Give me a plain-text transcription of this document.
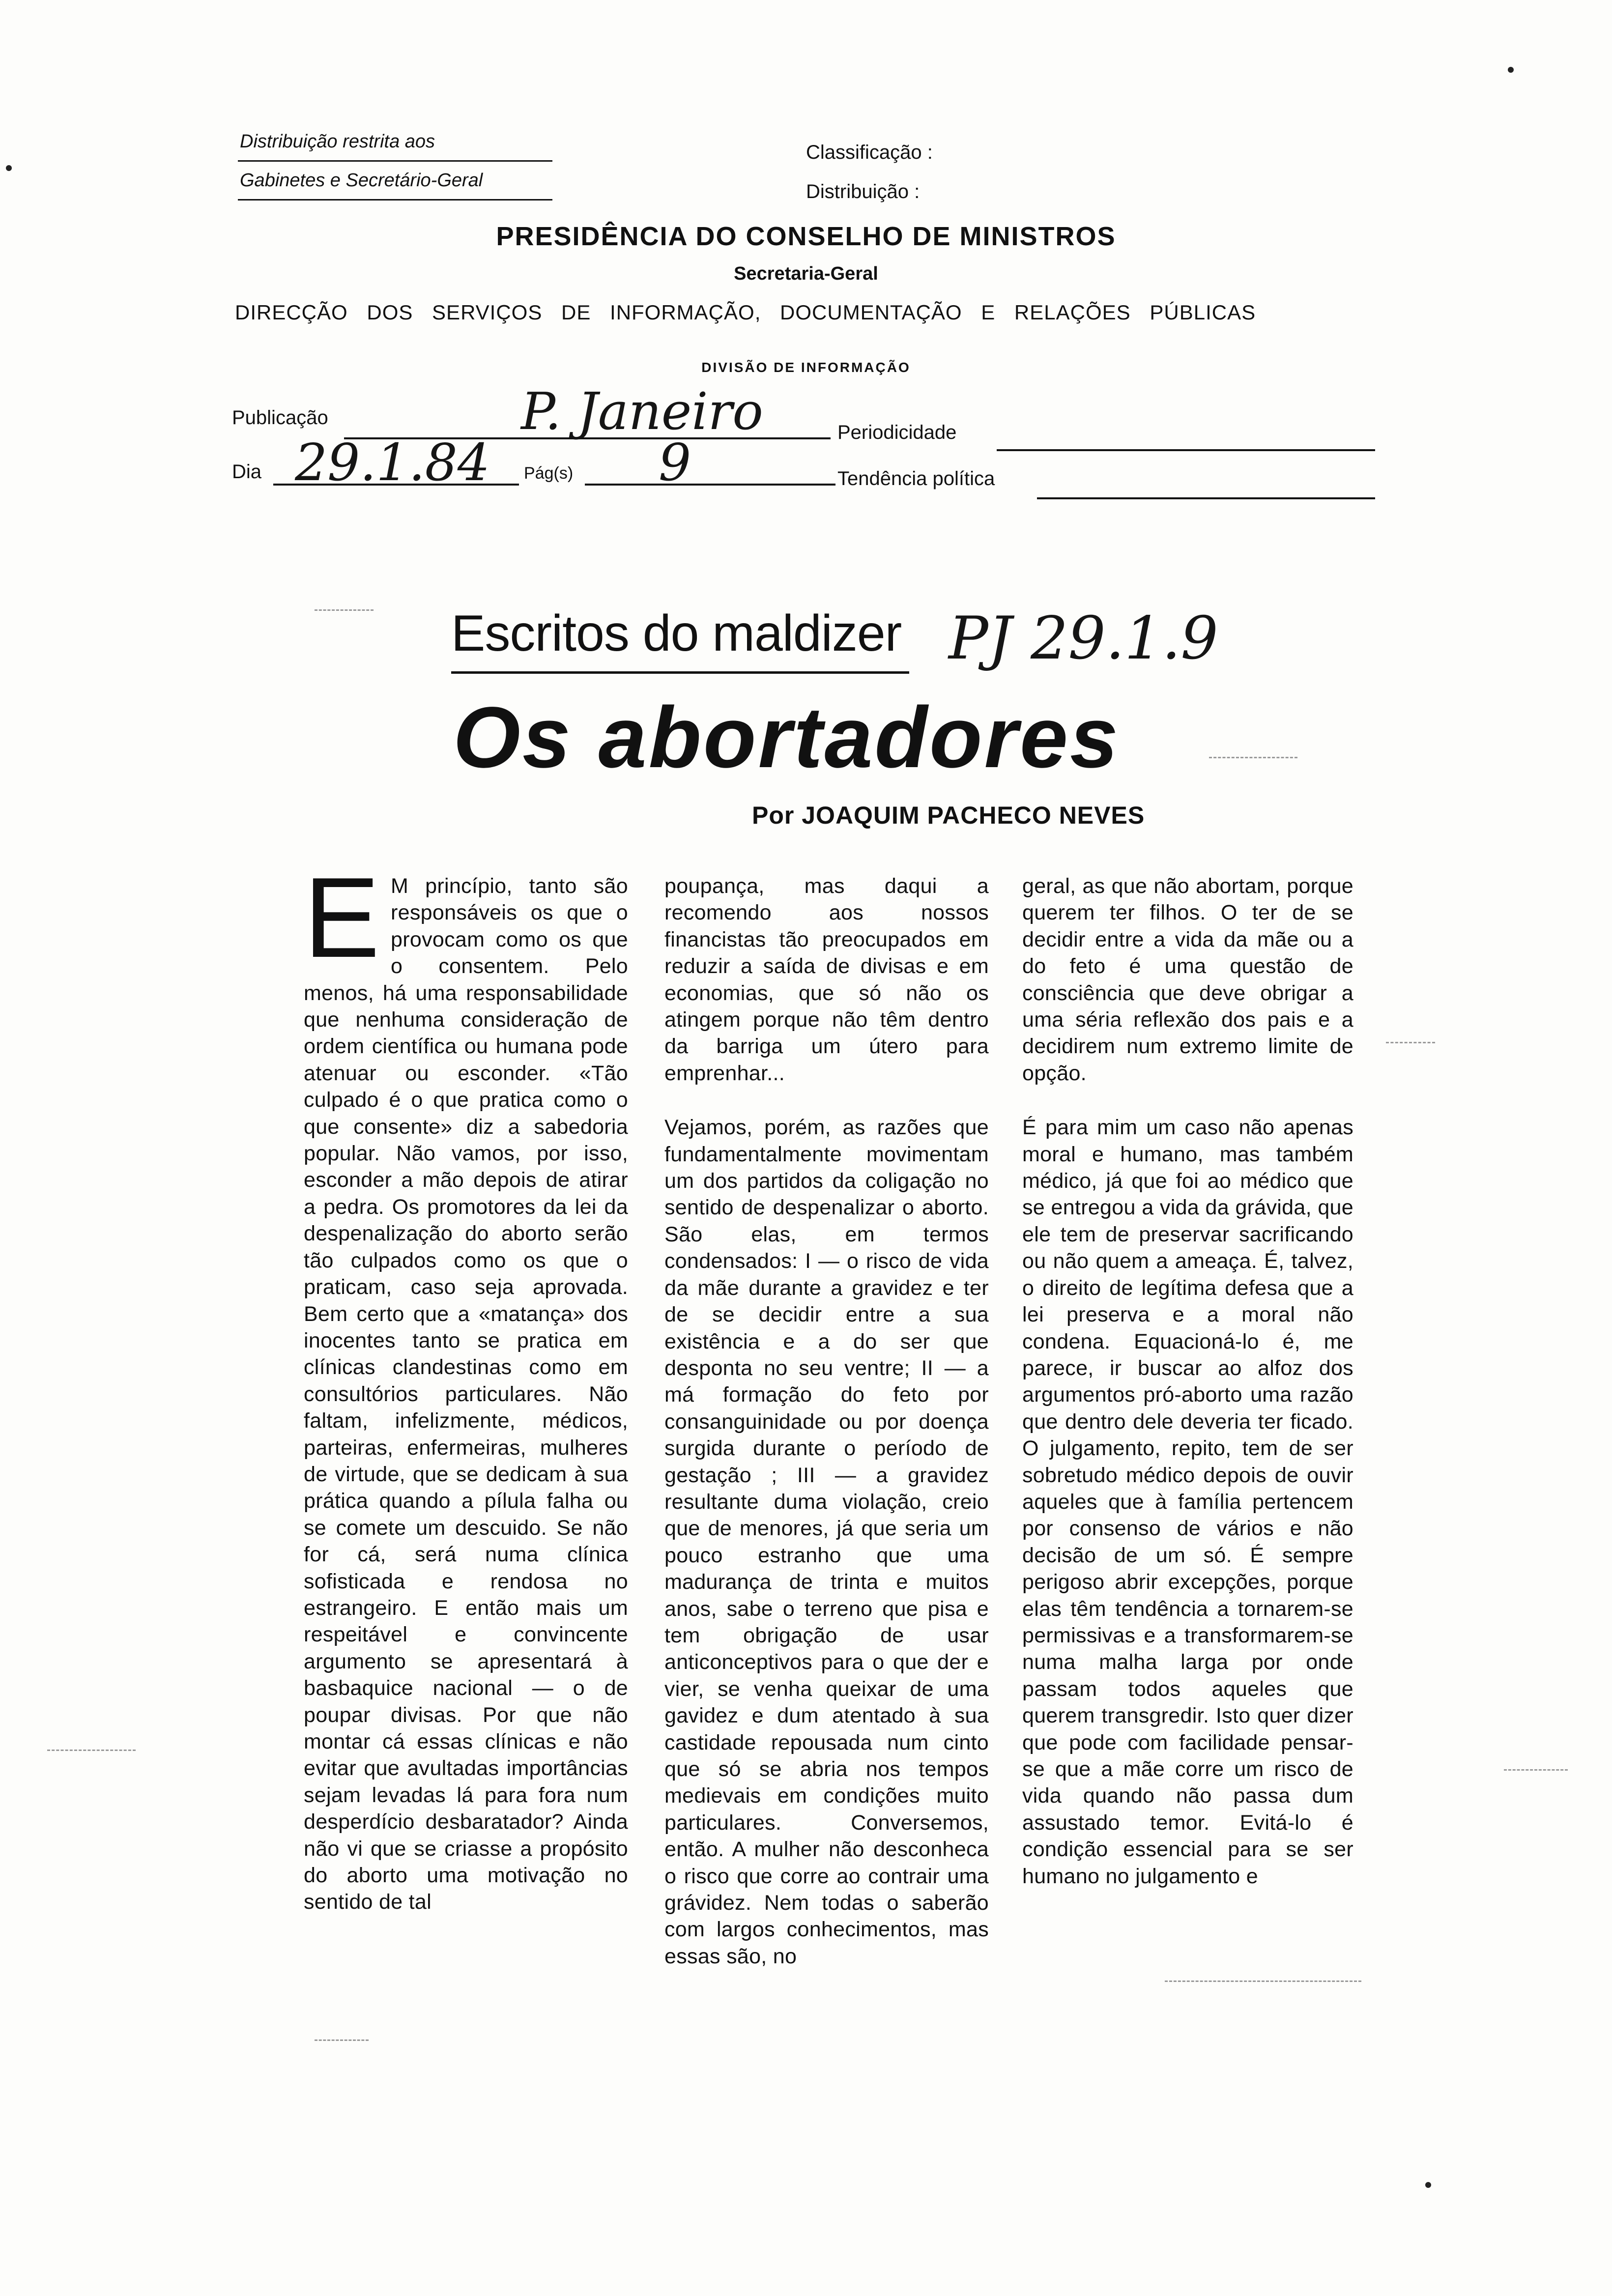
Distribuição restrita aos
Gabinetes e Secretário-Geral
Classificação :
Distribuição :
PRESIDÊNCIA DO CONSELHO DE MINISTROS
Secretaria-Geral
DIRECÇÃO DOS SERVIÇOS DE INFORMAÇÃO, DOCUMENTAÇÃO E RELAÇÕES PÚBLICAS
DIVISÃO DE INFORMAÇÃO
Publicação	P. Janeiro	Periodicidade
Dia 29.1.84 Pág(s) 9	Tendência política
Escritos do maldizer PJ 29.1.9
Os abortadores
Por JOAQUIM PACHECO NEVES

E M princípio, tanto são responsáveis os que o provocam como os que o consentem. Pelo menos, há uma responsabilidade que nenhuma consideração de ordem científica ou humana pode atenuar ou esconder. «Tão culpado é o que pratica como o que consente» diz a sabedoria popular. Não vamos, por isso, esconder a mão depois de atirar a pedra. Os promotores da lei da despenalização do aborto serão tão culpados como os que o praticam, caso seja aprovada. Bem certo que a «matança» dos inocentes tanto se pratica em clínicas clandestinas como em consultórios particulares. Não faltam, infelizmente, médicos, parteiras, enfermeiras, mulheres de virtude, que se dedicam à sua prática quando a pílula falha ou se comete um descuido. Se não for cá, será numa clínica sofisticada e rendosa no estrangeiro. E então mais um respeitável e convincente argumento se apresentará à basbaquice nacional — o de poupar divisas. Por que não montar cá essas clínicas e não evitar que avultadas importâncias sejam levadas lá para fora num desperdício desbaratador? Ainda não vi que se criasse a propósito do aborto uma motivação no sentido de tal

poupança, mas daqui a recomendo aos nossos financistas tão preocupados em reduzir a saída de divisas e em economias, que só não os atingem porque não têm dentro da barriga um útero para emprenhar...

Vejamos, porém, as razões que fundamentalmente movimentam um dos partidos da coligação no sentido de despenalizar o aborto. São elas, em termos condensados: I — o risco de vida da mãe durante a gravidez e ter de se decidir entre a sua existência e a do ser que desponta no seu ventre; II — a má formação do feto por consanguinidade ou por doença surgida durante o período de gestação ; III — a gravidez resultante duma violação, creio que de menores, já que seria um pouco estranho que uma madurança de trinta e muitos anos, sabe o terreno que pisa e tem obrigação de usar anticonceptivos para o que der e vier, se venha queixar de uma gavidez e dum atentado à sua castidade repousada num cinto que só se abria nos tempos medievais em condições muito particulares. Conversemos, então. A mulher não desconheca o risco que corre ao contrair uma grávidez. Nem todas o saberão com largos conhecimentos, mas essas são, no

geral, as que não abortam, porque querem ter filhos. O ter de se decidir entre a vida da mãe ou a do feto é uma questão de consciência que deve obrigar a uma séria reflexão dos pais e a decidirem num extremo limite de opção.

É para mim um caso não apenas moral e humano, mas também médico, já que foi ao médico que se entregou a vida da grávida, que ele tem de preservar sacrificando ou não quem a ameaça. É, talvez, o direito de legítima defesa que a lei preserva e a moral não condena. Equacioná-lo é, me parece, ir buscar ao alfoz dos argumentos pró-aborto uma razão que dentro dele deveria ter ficado. O julgamento, repito, tem de ser sobretudo médico depois de ouvir aqueles que à família pertencem por consenso de vários e não decisão de um só. É sempre perigoso abrir excepções, porque elas têm tendência a tornarem-se permissivas e a transformarem-se numa malha larga por onde passam todos aqueles que querem transgredir. Isto quer dizer que pode com facilidade pensar-se que a mãe corre um risco de vida quando não passa dum assustado temor. Evitá-lo é condição essencial para se ser humano no julgamento e
